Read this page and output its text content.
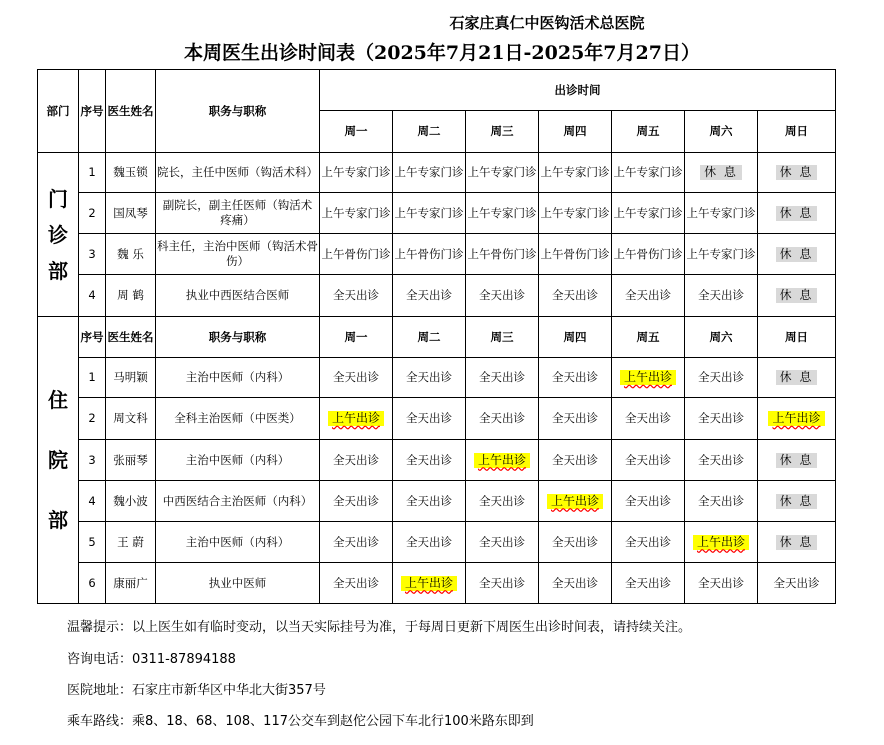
石家庄真仁中医钩活术总医院
本周医生出诊时间表（2025年7月21日-2025年7月27日）
部门	序号	医生姓名	职务与职称	出诊时间						
				周一	周二	周三	周四	周五	周六	周日
门诊部	1	魏玉锁	院长，主任中医师（钩活术科）	上午专家门诊	上午专家门诊	上午专家门诊	上午专家门诊	上午专家门诊	休 息	休 息
	2	国凤琴	副院长，副主任医师（钩活术 疼痛）	上午专家门诊	上午专家门诊	上午专家门诊	上午专家门诊	上午专家门诊	上午专家门诊	休 息
	3	魏 乐	科主任，主治中医师（钩活术骨伤）	上午骨伤门诊	上午骨伤门诊	上午骨伤门诊	上午骨伤门诊	上午骨伤门诊	上午专家门诊	休 息
	4	周 鹤	执业中西医结合医师	全天出诊	全天出诊	全天出诊	全天出诊	全天出诊	全天出诊	休 息
住院部	序号	医生姓名	职务与职称	周一	周二	周三	周四	周五	周六	周日
	1	马明颖	主治中医师（内科）	全天出诊	全天出诊	全天出诊	全天出诊	上午出诊	全天出诊	休 息
	2	周文科	全科主治医师（中医类）	上午出诊	全天出诊	全天出诊	全天出诊	全天出诊	全天出诊	上午出诊
	3	张丽琴	主治中医师（内科）	全天出诊	全天出诊	上午出诊	全天出诊	全天出诊	全天出诊	休 息
	4	魏小波	中西医结合主治医师（内科）	全天出诊	全天出诊	全天出诊	上午出诊	全天出诊	全天出诊	休 息
	5	王 蔚	主治中医师（内科）	全天出诊	全天出诊	全天出诊	全天出诊	全天出诊	上午出诊	休 息
	6	康丽广	执业中医师	全天出诊	上午出诊	全天出诊	全天出诊	全天出诊	全天出诊	全天出诊
温馨提示：以上医生如有临时变动，以当天实际挂号为准，于每周日更新下周医生出诊时间表，请持续关注。
咨询电话：0311-87894188
医院地址：石家庄市新华区中华北大街357号
乘车路线：乘8、18、68、108、117公交车到赵佗公园下车北行100米路东即到
